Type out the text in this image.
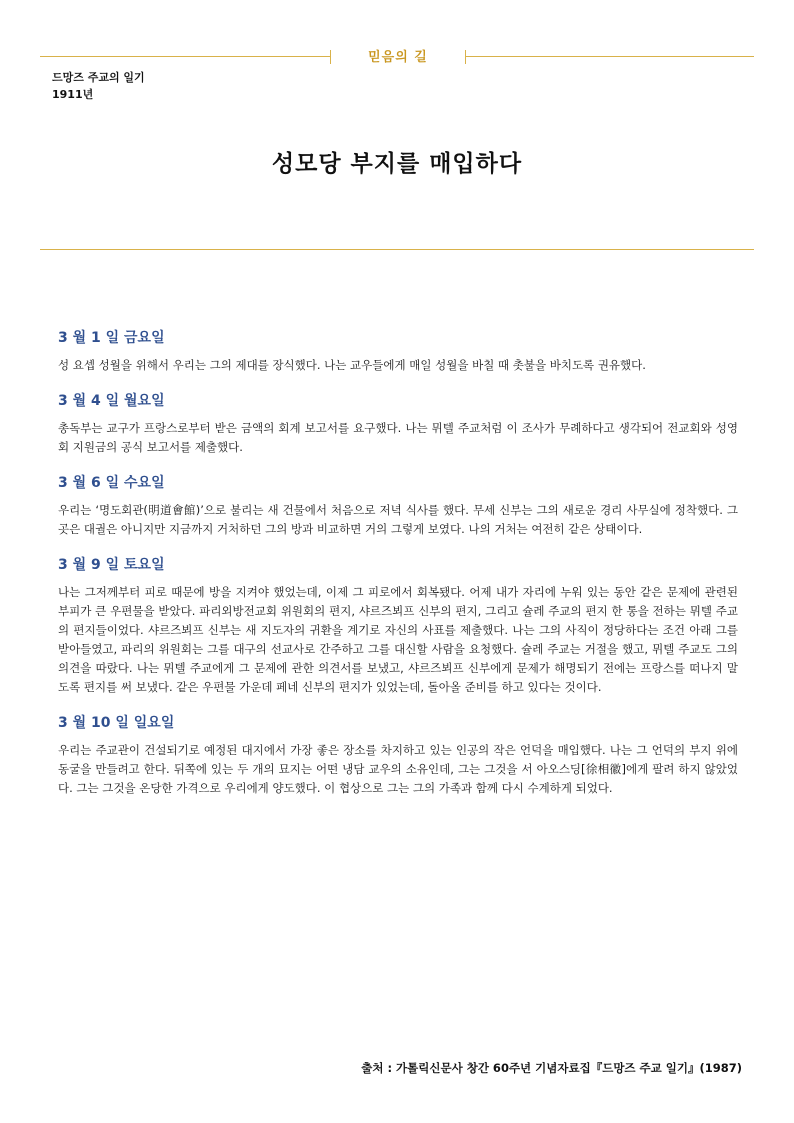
믿음의 길
드망즈 주교의 일기
1911년
성모당 부지를 매입하다
3 월 1 일 금요일

성 요셉 성월을 위해서 우리는 그의 제대를 장식했다. 나는 교우들에게 매일 성월을 바칠 때 촛불을 바치도록 권유했다.

3 월 4 일 월요일

총독부는 교구가 프랑스로부터 받은 금액의 회계 보고서를 요구했다. 나는 뮈텔 주교처럼 이 조사가 무례하다고 생각되어 전교회와 성영회 지원금의 공식 보고서를 제출했다.

3 월 6 일 수요일

우리는 ‘명도회관(明道會館)’으로 불리는 새 건물에서 처음으로 저녁 식사를 했다. 무세 신부는 그의 새로운 경리 사무실에 정착했다. 그곳은 대궐은 아니지만 지금까지 거처하던 그의 방과 비교하면 거의 그렇게 보였다. 나의 거처는 여전히 같은 상태이다.

3 월 9 일 토요일

나는 그저께부터 피로 때문에 방을 지켜야 했었는데, 이제 그 피로에서 회복됐다. 어제 내가 자리에 누워 있는 동안 같은 문제에 관련된 부피가 큰 우편물을 받았다. 파리외방전교회 위원회의 편지, 샤르즈뵈프 신부의 편지, 그리고 슐레 주교의 편지 한 통을 전하는 뮈텔 주교의 편지들이었다. 샤르즈뵈프 신부는 새 지도자의 귀환을 계기로 자신의 사표를 제출했다. 나는 그의 사직이 정당하다는 조건 아래 그를 받아들였고, 파리의 위원회는 그를 대구의 선교사로 간주하고 그를 대신할 사람을 요청했다. 슐레 주교는 거절을 했고, 뮈텔 주교도 그의 의견을 따랐다. 나는 뮈텔 주교에게 그 문제에 관한 의견서를 보냈고, 샤르즈뵈프 신부에게 문제가 해명되기 전에는 프랑스를 떠나지 말도록 편지를 써 보냈다. 같은 우편물 가운데 페네 신부의 편지가 있었는데, 돌아올 준비를 하고 있다는 것이다.

3 월 10 일 일요일

우리는 주교관이 건설되기로 예정된 대지에서 가장 좋은 장소를 차지하고 있는 인공의 작은 언덕을 매입했다. 나는 그 언덕의 부지 위에 동굴을 만들려고 한다. 뒤쪽에 있는 두 개의 묘지는 어떤 냉담 교우의 소유인데, 그는 그것을 서 아오스딩[徐相徽]에게 팔려 하지 않았었다. 그는 그것을 온당한 가격으로 우리에게 양도했다. 이 협상으로 그는 그의 가족과 함께 다시 수계하게 되었다.

출처 : 가톨릭신문사 창간 60주년 기념자료집『드망즈 주교 일기』(1987)
